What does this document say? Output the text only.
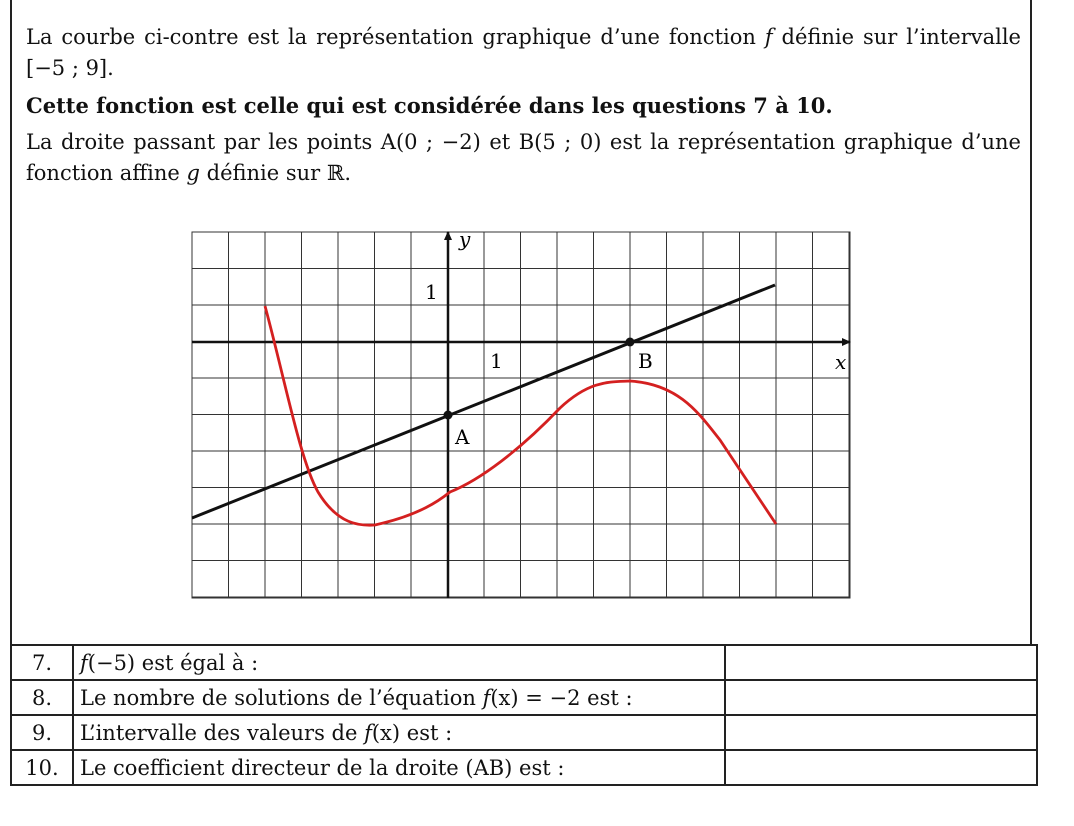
La courbe ci-contre est la représentation graphique d’une fonction f définie sur l’intervalle [−5 ; 9].

Cette fonction est celle qui est considérée dans les questions 7 à 10.

La droite passant par les points A(0 ; −2) et B(5 ; 0) est la représentation graphique d’une fonction affine g définie sur ℝ.

y
x
1
1
A
B
7.	f(−5) est égal à :	
8.	Le nombre de solutions de l’équation f(x) = −2 est :	
9.	L’intervalle des valeurs de f(x) est :	
10.	Le coefficient directeur de la droite (AB) est :	
